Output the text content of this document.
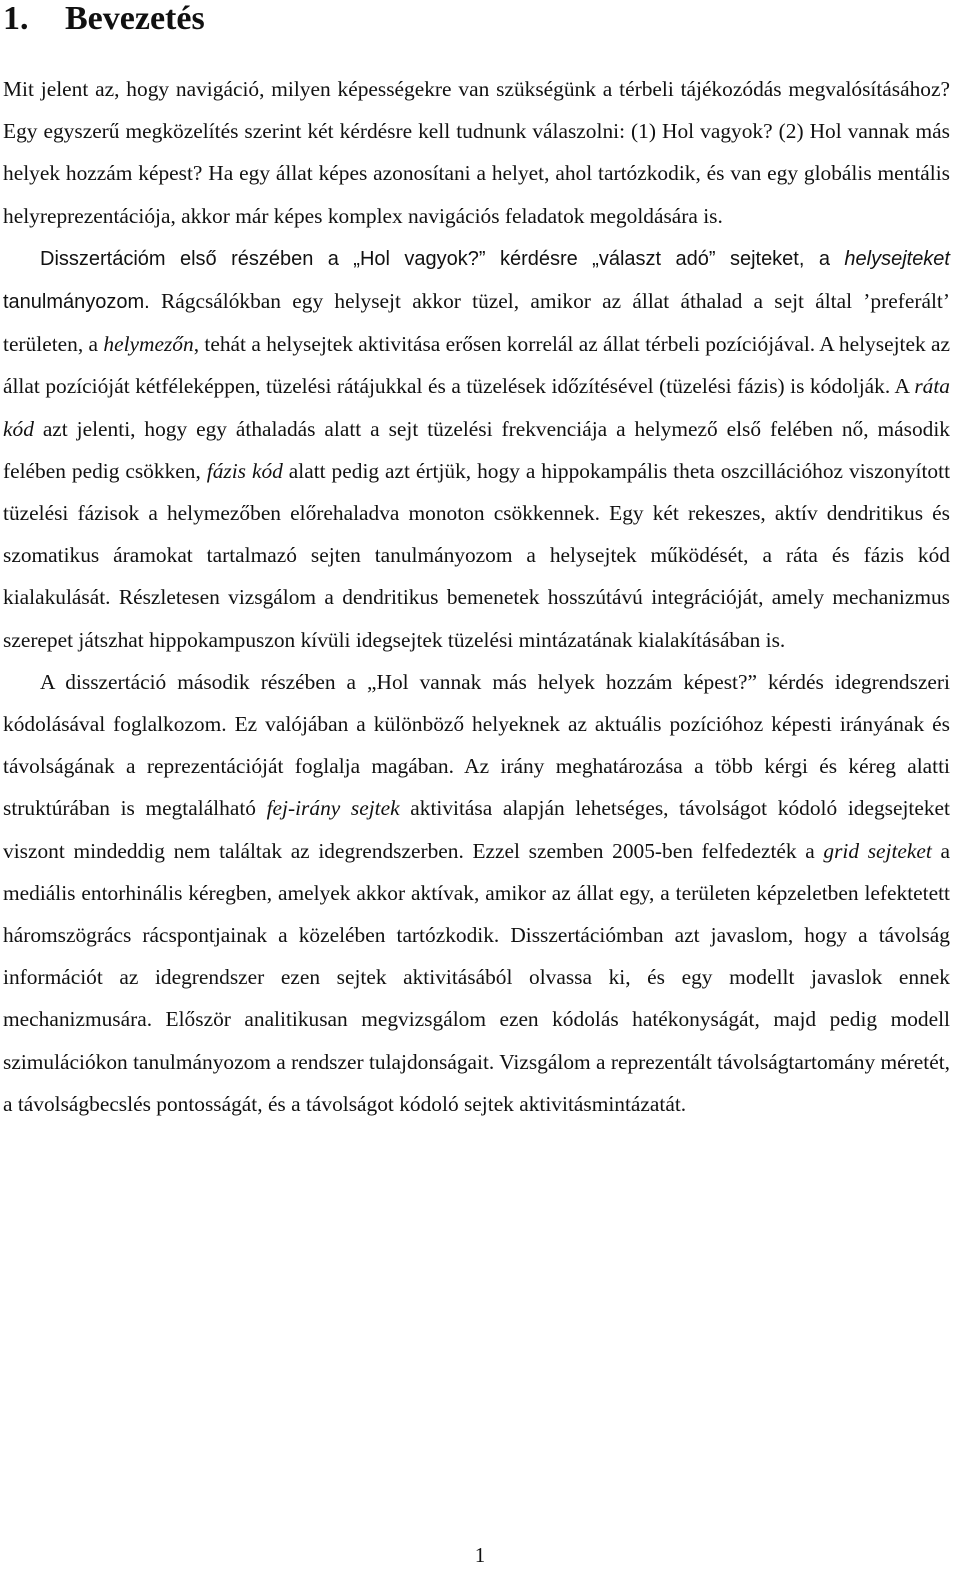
1. Bevezetés

Mit jelent az, hogy navigáció, milyen képességekre van szükségünk a térbeli tájékozódás megvalósításához? Egy egyszerű megközelítés szerint két kérdésre kell tudnunk válaszolni: (1) Hol vagyok? (2) Hol vannak más helyek hozzám képest? Ha egy állat képes azonosítani a helyet, ahol tartózkodik, és van egy globális mentális helyreprezentációja, akkor már képes komplex navigációs feladatok megoldására is.

Disszertációm első részében a „Hol vagyok?” kérdésre „választ adó” sejteket, a helysejteket tanulmányozom. Rágcsálókban egy helysejt akkor tüzel, amikor az állat áthalad a sejt által ’preferált’ területen, a helymezőn, tehát a helysejtek aktivitása erősen korrelál az állat térbeli pozíciójával. A helysejtek az állat pozícióját kétféleképpen, tüzelési rátájukkal és a tüzelések időzítésével (tüzelési fázis) is kódolják. A ráta kód azt jelenti, hogy egy áthaladás alatt a sejt tüzelési frekvenciája a helymező első felében nő, második felében pedig csökken, fázis kód alatt pedig azt értjük, hogy a hippokampális theta oszcillációhoz viszonyított tüzelési fázisok a helymezőben előrehaladva monoton csökkennek. Egy két rekeszes, aktív dendritikus és szomatikus áramokat tartalmazó sejten tanulmányozom a helysejtek működését, a ráta és fázis kód kialakulását. Részletesen vizsgálom a dendritikus bemenetek hosszútávú integrációját, amely mechanizmus szerepet játszhat hippokampuszon kívüli idegsejtek tüzelési mintázatának kialakításában is.

A disszertáció második részében a „Hol vannak más helyek hozzám képest?” kérdés idegrendszeri kódolásával foglalkozom. Ez valójában a különböző helyeknek az aktuális pozícióhoz képesti irányának és távolságának a reprezentációját foglalja magában. Az irány meghatározása a több kérgi és kéreg alatti struktúrában is megtalálható fej-irány sejtek aktivitása alapján lehetséges, távolságot kódoló idegsejteket viszont mindeddig nem találtak az idegrendszerben. Ezzel szemben 2005-ben felfedezték a grid sejteket a mediális entorhinális kéregben, amelyek akkor aktívak, amikor az állat egy, a területen képzeletben lefektetett háromszögrács rácspontjainak a közelében tartózkodik. Disszertációmban azt javaslom, hogy a távolság információt az idegrendszer ezen sejtek aktivitásából olvassa ki, és egy modellt javaslok ennek mechanizmusára. Először analitikusan megvizsgálom ezen kódolás hatékonyságát, majd pedig modell szimulációkon tanulmányozom a rendszer tulajdonságait. Vizsgálom a reprezentált távolságtartomány méretét, a távolságbecslés pontosságát, és a távolságot kódoló sejtek aktivitásmintázatát.

1
